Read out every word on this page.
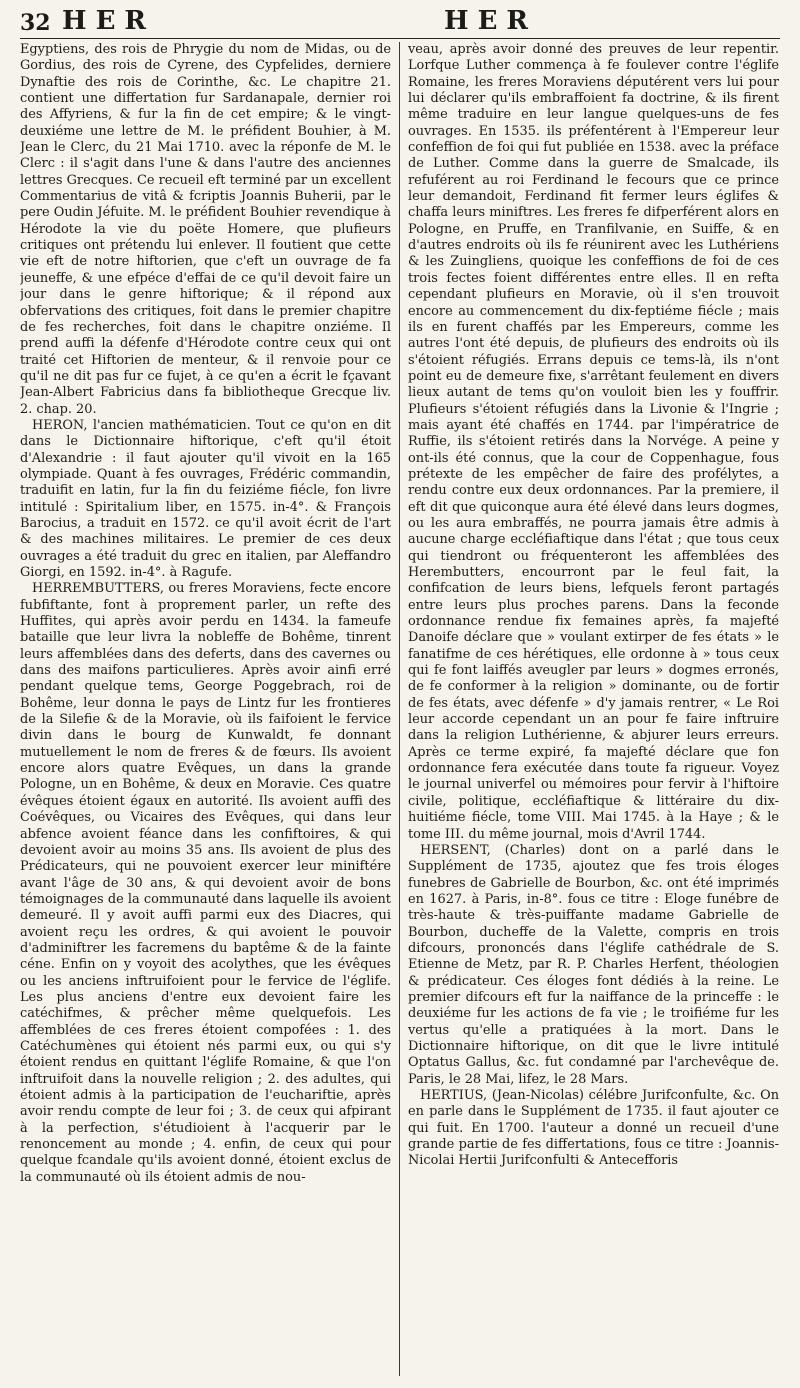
32 HER	HER

Egyptiens, des rois de Phrygie du nom de Midas, ou de Gordius, des rois de Cyrene, des Cypfelides, derniere Dynaftie des rois de Corinthe, &c. Le chapitre 21. contient une differtation fur Sardanapale, dernier roi des Affyriens, & fur la fin de cet empire; & le vingt-deuxiéme une lettre de M. le préfident Bouhier, à M. Jean le Clerc, du 21 Mai 1710. avec la réponfe de M. le Clerc : il s'agit dans l'une & dans l'autre des anciennes lettres Grecques. Ce recueil eft terminé par un excellent Commentarius de vitâ & fcriptis Joannis Buherii, par le pere Oudin Jéfuite. M. le préfident Bouhier revendique à Hérodote la vie du poëte Homere, que plufieurs critiques ont prétendu lui enlever. Il foutient que cette vie eft de notre hiftorien, que c'eft un ouvrage de fa jeuneffe, & une efpéce d'effai de ce qu'il devoit faire un jour dans le genre hiftorique; & il répond aux obfervations des critiques, foit dans le premier chapitre de fes recherches, foit dans le chapitre onziéme. Il prend auffi la défenfe d'Hérodote contre ceux qui ont traité cet Hiftorien de menteur, & il renvoie pour ce qu'il ne dit pas fur ce fujet, à ce qu'en a écrit le fçavant Jean-Albert Fabricius dans fa bibliotheque Grecque liv. 2. chap. 20.

HERON, l'ancien mathématicien. Tout ce qu'on en dit dans le Dictionnaire hiftorique, c'eft qu'il étoit d'Alexandrie : il faut ajouter qu'il vivoit en la 165 olympiade. Quant à fes ouvrages, Frédéric commandin, traduifit en latin, fur la fin du feiziéme fiécle, fon livre intitulé : Spiritalium liber, en 1575. in-4°. & François Barocius, a traduit en 1572. ce qu'il avoit écrit de l'art & des machines militaires. Le premier de ces deux ouvrages a été traduit du grec en italien, par Aleffandro Giorgi, en 1592. in-4°. à Ragufe.

HERREMBUTTERS, ou freres Moraviens, fecte encore fubfiftante, font à proprement parler, un refte des Huffites, qui après avoir perdu en 1434. la fameufe bataille que leur livra la nobleffe de Bohême, tinrent leurs affemblées dans des deferts, dans des cavernes ou dans des maifons particulieres. Après avoir ainfi erré pendant quelque tems, George Poggebrach, roi de Bohême, leur donna le pays de Lintz fur les frontieres de la Silefie & de la Moravie, où ils faifoient le fervice divin dans le bourg de Kunwaldt, fe donnant mutuellement le nom de freres & de fœurs. Ils avoient encore alors quatre Evêques, un dans la grande Pologne, un en Bohême, & deux en Moravie. Ces quatre évêques étoient égaux en autorité. Ils avoient auffi des Coévêques, ou Vicaires des Evêques, qui dans leur abfence avoient féance dans les confiftoires, & qui devoient avoir au moins 35 ans. Ils avoient de plus des Prédicateurs, qui ne pouvoient exercer leur miniftére avant l'âge de 30 ans, & qui devoient avoir de bons témoignages de la communauté dans laquelle ils avoient demeuré. Il y avoit auffi parmi eux des Diacres, qui avoient reçu les ordres, & qui avoient le pouvoir d'adminiftrer les facremens du baptême & de la fainte céne. Enfin on y voyoit des acolythes, que les évêques ou les anciens inftruifoient pour le fervice de l'églife. Les plus anciens d'entre eux devoient faire les catéchifmes, & prêcher même quelquefois. Les affemblées de ces freres étoient compofées : 1. des Catéchumènes qui étoient nés parmi eux, ou qui s'y étoient rendus en quittant l'églife Romaine, & que l'on inftruifoit dans la nouvelle religion ; 2. des adultes, qui étoient admis à la participation de l'euchariftie, après avoir rendu compte de leur foi ; 3. de ceux qui afpirant à la perfection, s'étudioient à l'acquerir par le renoncement au monde ; 4. enfin, de ceux qui pour quelque fcandale qu'ils avoient donné, étoient exclus de la communauté où ils étoient admis de nou-

veau, après avoir donné des preuves de leur repentir. Lorfque Luther commença à fe foulever contre l'églife Romaine, les freres Moraviens députérent vers lui pour lui déclarer qu'ils embraffoient fa doctrine, & ils firent même traduire en leur langue quelques-uns de fes ouvrages. En 1535. ils préfentérent à l'Empereur leur confeffion de foi qui fut publiée en 1538. avec la préface de Luther. Comme dans la guerre de Smalcade, ils refuférent au roi Ferdinand le fecours que ce prince leur demandoit, Ferdinand fit fermer leurs églifes & chaffa leurs miniftres. Les freres fe difperférent alors en Pologne, en Pruffe, en Tranfilvanie, en Suiffe, & en d'autres endroits où ils fe réunirent avec les Luthériens & les Zuingliens, quoique les confeffions de foi de ces trois fectes foient différentes entre elles. Il en refta cependant plufieurs en Moravie, où il s'en trouvoit encore au commencement du dix-feptiéme fiécle ; mais ils en furent chaffés par les Empereurs, comme les autres l'ont été depuis, de plufieurs des endroits où ils s'étoient réfugiés. Errans depuis ce tems-là, ils n'ont point eu de demeure fixe, s'arrêtant feulement en divers lieux autant de tems qu'on vouloit bien les y fouffrir. Plufieurs s'étoient réfugiés dans la Livonie & l'Ingrie ; mais ayant été chaffés en 1744. par l'impératrice de Ruffie, ils s'étoient retirés dans la Norvége. A peine y ont-ils été connus, que la cour de Coppenhague, fous prétexte de les empêcher de faire des profélytes, a rendu contre eux deux ordonnances. Par la premiere, il eft dit que quiconque aura été élevé dans leurs dogmes, ou les aura embraffés, ne pourra jamais être admis à aucune charge eccléfiaftique dans l'état ; que tous ceux qui tiendront ou fréquenteront les affemblées des Herembutters, encourront par le feul fait, la confifcation de leurs biens, lefquels feront partagés entre leurs plus proches parens. Dans la feconde ordonnance rendue fix femaines après, fa majefté Danoife déclare que » voulant extirper de fes états » le fanatifme de ces hérétiques, elle ordonne à » tous ceux qui fe font laiffés aveugler par leurs » dogmes erronés, de fe conformer à la religion » dominante, ou de fortir de fes états, avec défenfe » d'y jamais rentrer, « Le Roi leur accorde cependant un an pour fe faire inftruire dans la religion Luthérienne, & abjurer leurs erreurs. Après ce terme expiré, fa majefté déclare que fon ordonnance fera exécutée dans toute fa rigueur. Voyez le journal univerfel ou mémoires pour fervir à l'hiftoire civile, politique, eccléfiaftique & littéraire du dix-huitiéme fiécle, tome VIII. Mai 1745. à la Haye ; & le tome III. du même journal, mois d'Avril 1744.

HERSENT, (Charles) dont on a parlé dans le Supplément de 1735, ajoutez que fes trois éloges funebres de Gabrielle de Bourbon, &c. ont été imprimés en 1627. à Paris, in-8°. fous ce titre : Eloge funébre de très-haute & très-puiffante madame Gabrielle de Bourbon, ducheffe de la Valette, compris en trois difcours, prononcés dans l'églife cathédrale de S. Etienne de Metz, par R. P. Charles Herfent, théologien & prédicateur. Ces éloges font dédiés à la reine. Le premier difcours eft fur la naiffance de la princeffe : le deuxiéme fur les actions de fa vie ; le troifiéme fur les vertus qu'elle a pratiquées à la mort. Dans le Dictionnaire hiftorique, on dit que le livre intitulé Optatus Gallus, &c. fut condamné par l'archevêque de. Paris, le 28 Mai, lifez, le 28 Mars.

HERTIUS, (Jean-Nicolas) célébre Jurifconfulte, &c. On en parle dans le Supplément de 1735. il faut ajouter ce qui fuit. En 1700. l'auteur a donné un recueil d'une grande partie de fes differtations, fous ce titre : Joannis-Nicolai Hertii Jurifconfulti & Antecefforis
